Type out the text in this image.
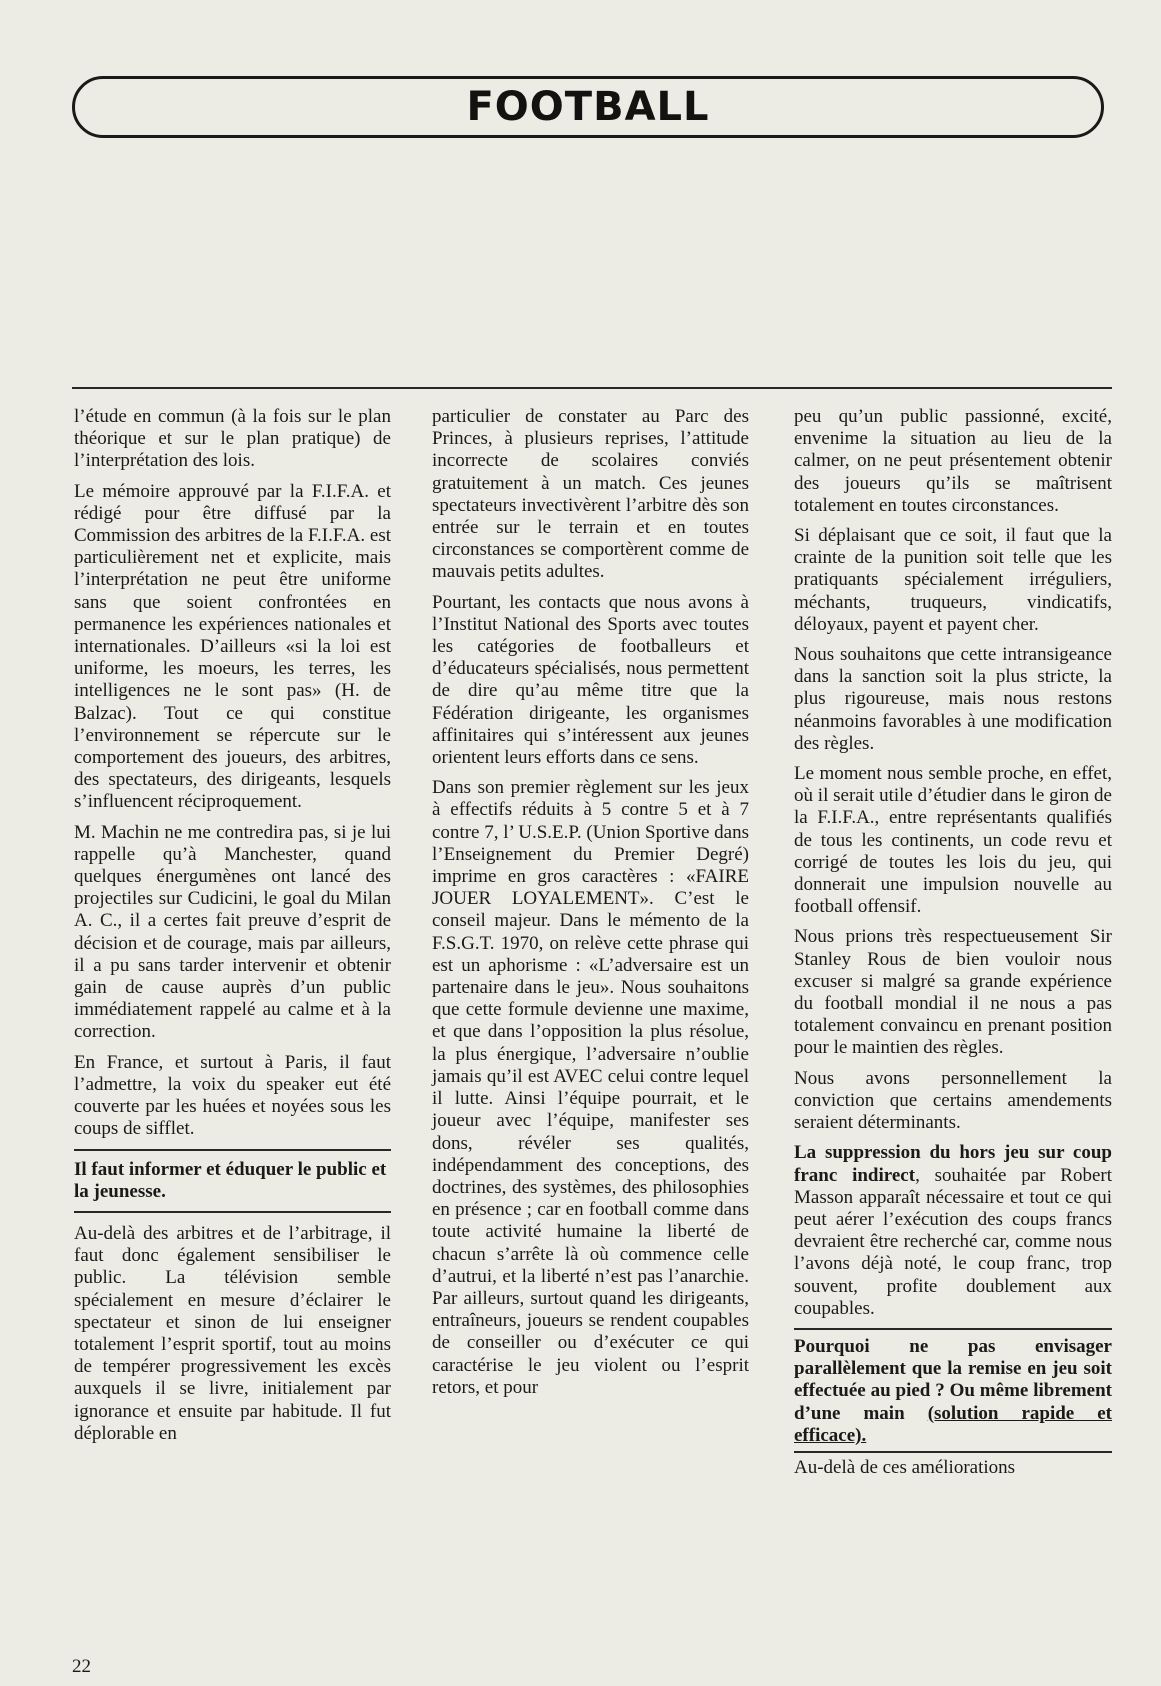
FOOTBALL

l’étude en commun (à la fois sur le plan théorique et sur le plan pratique) de l’interprétation des lois.

Le mémoire approuvé par la F.I.F.A. et rédigé pour être diffusé par la Commission des arbitres de la F.I.F.A. est particulièrement net et explicite, mais l’interprétation ne peut être uniforme sans que soient confrontées en permanence les expériences nationales et internationales. D’ailleurs «si la loi est uniforme, les moeurs, les terres, les intelligences ne le sont pas» (H. de Balzac). Tout ce qui constitue l’environnement se répercute sur le comportement des joueurs, des arbitres, des spectateurs, des dirigeants, lesquels s’influencent réciproquement.

M. Machin ne me contredira pas, si je lui rappelle qu’à Manchester, quand quelques énergumènes ont lancé des projectiles sur Cudicini, le goal du Milan A. C., il a certes fait preuve d’esprit de décision et de courage, mais par ailleurs, il a pu sans tarder intervenir et obtenir gain de cause auprès d’un public immédiatement rappelé au calme et à la correction.

En France, et surtout à Paris, il faut l’admettre, la voix du speaker eut été couverte par les huées et noyées sous les coups de sifflet.

Il faut informer et éduquer le public et la jeunesse.

Au-delà des arbitres et de l’arbitrage, il faut donc également sensibiliser le public. La télévision semble spécialement en mesure d’éclairer le spectateur et sinon de lui enseigner totalement l’esprit sportif, tout au moins de tempérer progressivement les excès auxquels il se livre, initialement par ignorance et ensuite par habitude. Il fut déplorable en

particulier de constater au Parc des Princes, à plusieurs reprises, l’attitude incorrecte de scolaires conviés gratuitement à un match. Ces jeunes spectateurs invectivèrent l’arbitre dès son entrée sur le terrain et en toutes circonstances se comportèrent comme de mauvais petits adultes.

Pourtant, les contacts que nous avons à l’Institut National des Sports avec toutes les catégories de footballeurs et d’éducateurs spécialisés, nous permettent de dire qu’au même titre que la Fédération dirigeante, les organismes affinitaires qui s’intéressent aux jeunes orientent leurs efforts dans ce sens.

Dans son premier règlement sur les jeux à effectifs réduits à 5 contre 5 et à 7 contre 7, l’ U.S.E.P. (Union Sportive dans l’Enseignement du Premier Degré) imprime en gros caractères : «FAIRE JOUER LOYALEMENT». C’est le conseil majeur. Dans le mémento de la F.S.G.T. 1970, on relève cette phrase qui est un aphorisme : «L’adversaire est un partenaire dans le jeu». Nous souhaitons que cette formule devienne une maxime, et que dans l’opposition la plus résolue, la plus énergique, l’adversaire n’oublie jamais qu’il est AVEC celui contre lequel il lutte. Ainsi l’équipe pourrait, et le joueur avec l’équipe, manifester ses dons, révéler ses qualités, indépendamment des conceptions, des doctrines, des systèmes, des philosophies en présence ; car en football comme dans toute activité humaine la liberté de chacun s’arrête là où commence celle d’autrui, et la liberté n’est pas l’anarchie. Par ailleurs, surtout quand les dirigeants, entraîneurs, joueurs se rendent coupables de conseiller ou d’exécuter ce qui caractérise le jeu violent ou l’esprit retors, et pour

peu qu’un public passionné, excité, envenime la situation au lieu de la calmer, on ne peut présentement obtenir des joueurs qu’ils se maîtrisent totalement en toutes circonstances.

Si déplaisant que ce soit, il faut que la crainte de la punition soit telle que les pratiquants spécialement irréguliers, méchants, truqueurs, vindicatifs, déloyaux, payent et payent cher.

Nous souhaitons que cette intransigeance dans la sanction soit la plus stricte, la plus rigoureuse, mais nous restons néanmoins favorables à une modification des règles.

Le moment nous semble proche, en effet, où il serait utile d’étudier dans le giron de la F.I.F.A., entre représentants qualifiés de tous les continents, un code revu et corrigé de toutes les lois du jeu, qui donnerait une impulsion nouvelle au football offensif.

Nous prions très respectueusement Sir Stanley Rous de bien vouloir nous excuser si malgré sa grande expérience du football mondial il ne nous a pas totalement convaincu en prenant position pour le maintien des règles.

Nous avons personnellement la conviction que certains amendements seraient déterminants.

La suppression du hors jeu sur coup franc indirect, souhaitée par Robert Masson apparaît nécessaire et tout ce qui peut aérer l’exécution des coups francs devraient être recherché car, comme nous l’avons déjà noté, le coup franc, trop souvent, profite doublement aux coupables.

Pourquoi ne pas envisager parallèlement que la remise en jeu soit effectuée au pied ? Ou même librement d’une main (solution rapide et efficace).

Au-delà de ces améliorations

22
